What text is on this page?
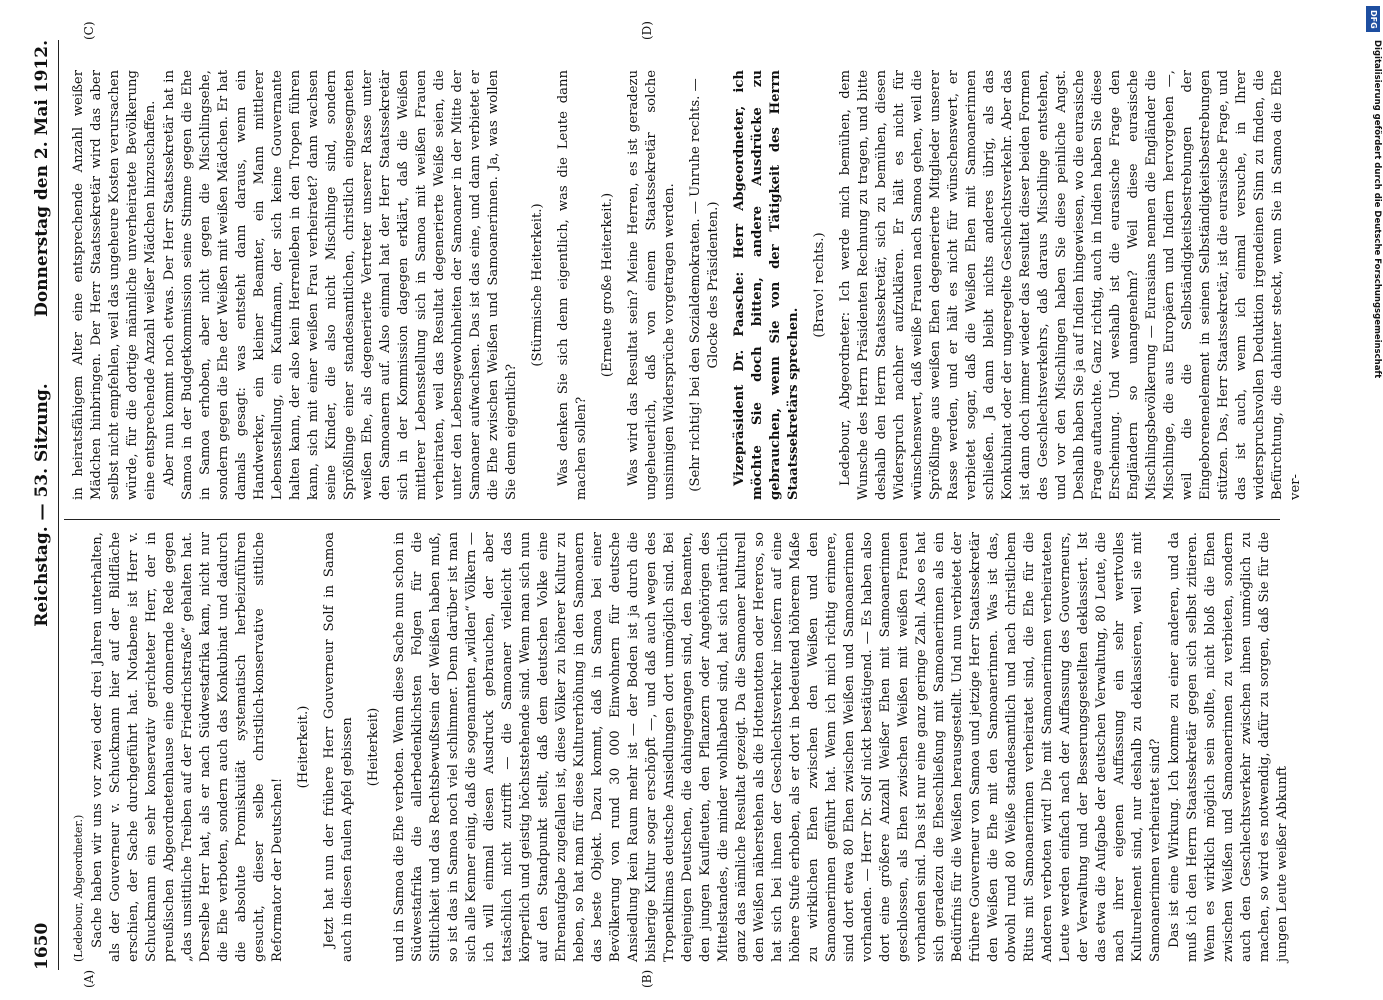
1650
Reichstag. — 53. Sitzung.
Donnerstag den 2. Mai 1912.
(A)	(B)
(C)	(D)

(Ledebour, Abgeordneter.) Sache haben wir uns vor zwei oder drei Jahren unterhalten, als der Gouverneur v. Schuckmann hier auf der Bildfläche erschien, der Sache durchgeführt hat. Notabene ist Herr v. Schuckmann ein sehr konservativ gerichteter Herr, der in preußischen Abgeordnetenhause eine donnernde Rede gegen „das unsittliche Treiben auf der Friedrichstraße“ gehalten hat. Derselbe Herr hat, als er nach Südwestafrika kam, nicht nur die Ehe verboten, sondern auch das Konkubinat und dadurch die absolute Promiskuität systematisch herbeizuführen gesucht, dieser selbe christlich-konservative sittliche Reformator der Deutschen!

(Heiterkeit.) Jetzt hat nun der frühere Herr Gouverneur Solf in Samoa auch in diesen faulen Apfel gebissen (Heiterkeit) und in Samoa die Ehe verboten. Wenn diese Sache nun schon in Südwestafrika die allerbedenklichsten Folgen für die Sittlichkeit und das Rechtsbewußtsein der Weißen haben muß, so ist das in Samoa noch viel schlimmer. Denn darüber ist man sich alle Kenner einig, daß die sogenannten „wilden“ Völkern — ich will einmal diesen Ausdruck gebrauchen, der aber tatsächlich nicht zutrifft — die Samoaner vielleicht das körperlich und geistig höchststehende sind. Wenn man sich nun auf den Standpunkt stellt, daß dem deutschen Volke eine Ehrenaufgabe zugefallen ist, diese Völker zu höherer Kultur zu heben, so hat man für diese Kulturerhöhung in den Samoanern das beste Objekt. Dazu kommt, daß in Samoa bei einer Bevölkerung von rund 30 000 Einwohnern für deutsche Ansiedlung kein Raum mehr ist — der Boden ist ja durch die bisherige Kultur sogar erschöpft —, und daß auch wegen des Tropenklimas deutsche Ansiedlungen dort unmöglich sind. Bei denjenigen Deutschen, die dahingegangen sind, den Beamten, den jungen Kaufleuten, den Pflanzern oder Angehörigen des Mittelstandes, die minder wohlhabend sind, hat sich natürlich ganz das nämliche Resultat gezeigt. Da die Samoaner kulturell den Weißen näherstehen als die Hottentotten oder Hereros, so hat sich bei ihnen der Geschlechtsverkehr insofern auf eine höhere Stufe erhoben, als er dort in bedeutend höherem Maße zu wirklichen Ehen zwischen den Weißen und den Samoanerinnen geführt hat. Wenn ich mich richtig erinnere, sind dort etwa 80 Ehen zwischen Weißen und Samoanerinnen vorhanden. — Herr Dr. Solf nickt bestätigend. — Es haben also dort eine größere Anzahl Weißer Ehen mit Samoanerinnen geschlossen, als Ehen zwischen Weißen mit weißen Frauen vorhanden sind. Das ist nur eine ganz geringe Zahl. Also es hat sich geradezu die Eheschließung mit Samoanerinnen als ein Bedürfnis für die Weißen herausgestellt. Und nun verbietet der frühere Gouverneur von Samoa und jetzige Herr Staatssekretär den Weißen die Ehe mit den Samoanerinnen. Was ist das, obwohl rund 80 Weiße standesamtlich und nach christlichem Ritus mit Samoanerinnen verheiratet sind, die Ehe für die Anderen verboten wird! Die mit Samoanerinnen verheirateten Leute werden einfach nach der Auffassung des Gouverneurs, der Verwaltung und der Besserungsgestellten deklassiert. Ist das etwa die Aufgabe der deutschen Verwaltung, 80 Leute, die nach ihrer eigenen Auffassung ein sehr wertvolles Kulturelement sind, nur deshalb zu deklassieren, weil sie mit Samoanerinnen verheiratet sind? Das ist eine Wirkung. Ich komme zu einer anderen, und da muß ich den Herrn Staatssekretär gegen sich selbst zitieren. Wenn es wirklich möglich sein sollte, nicht bloß die Ehen zwischen Weißen und Samoanerinnen zu verbieten, sondern auch den Geschlechtsverkehr zwischen ihnen unmöglich zu machen, so wird es notwendig, dafür zu sorgen, daß Sie für die jungen Leute weißer Abkunft

in heiratsfähigem Alter eine entsprechende Anzahl weißer Mädchen hinbringen. Der Herr Staatssekretär wird das aber selbst nicht empfehlen, weil das ungeheure Kosten verursachen würde, für die dortige männliche unverheiratete Bevölkerung eine entsprechende Anzahl weißer Mädchen hinzuschaffen. Aber nun kommt noch etwas. Der Herr Staatssekretär hat in Samoa in der Budgetkommission seine Stimme gegen die Ehe in Samoa erhoben, aber nicht gegen die Mischlingsehe, sondern gegen die Ehe der Weißen mit weißen Mädchen. Er hat damals gesagt: was entsteht dann daraus, wenn ein Handwerker, ein kleiner Beamter, ein Mann mittlerer Lebensstellung, ein Kaufmann, der sich keine Gouvernante halten kann, der also kein Herrenleben in den Tropen führen kann, sich mit einer weißen Frau verheiratet? dann wachsen seine Kinder, die also nicht Mischlinge sind, sondern Sprößlinge einer standesamtlichen, christlich eingesegneten weißen Ehe, als degenerierte Vertreter unserer Rasse unter den Samoanern auf. Also einmal hat der Herr Staatssekretär sich in der Kommission dagegen erklärt, daß die Weißen mittlerer Lebensstellung sich in Samoa mit weißen Frauen verheiraten, weil das Resultat degenerierte Weiße seien, die unter den Lebensgewohnheiten der Samoaner in der Mitte der Samoaner aufwachsen. Das ist das eine, und dann verbietet er die Ehe zwischen Weißen und Samoanerinnen. Ja, was wollen Sie denn eigentlich?

(Stürmische Heiterkeit.) Was denken Sie sich denn eigentlich, was die Leute dann machen sollen?

(Erneute große Heiterkeit.) Was wird das Resultat sein? Meine Herren, es ist geradezu ungeheuerlich, daß von einem Staatssekretär solche unsinnigen Widersprüche vorgetragen werden. (Sehr richtig! bei den Sozialdemokraten. — Unruhe rechts. — Glocke des Präsidenten.) Vizepräsident Dr. Paasche: Herr Abgeordneter, ich möchte Sie doch bitten, andere Ausdrücke zu gebrauchen, wenn Sie von der Tätigkeit des Herrn Staatssekretärs sprechen.

(Bravo! rechts.) Ledebour, Abgeordneter: Ich werde mich bemühen, dem Wunsche des Herrn Präsidenten Rechnung zu tragen, und bitte deshalb den Herrn Staatssekretär, sich zu bemühen, diesen Widerspruch nachher aufzuklären. Er hält es nicht für wünschenswert, daß weiße Frauen nach Samoa gehen, weil die Sprößlinge aus weißen Ehen degenerierte Mitglieder unserer Rasse werden, und er hält es nicht für wünschenswert, er verbietet sogar, daß die Weißen Ehen mit Samoanerinnen schließen. Ja dann bleibt nichts anderes übrig, als das Konkubinat oder der ungeregelte Geschlechtsverkehr. Aber das ist dann doch immer wieder das Resultat dieser beiden Formen des Geschlechtsverkehrs, daß daraus Mischlinge entstehen, und vor den Mischlingen haben Sie diese peinliche Angst. Deshalb haben Sie ja auf Indien hingewiesen, wo die eurasische Frage auftauchte. Ganz richtig, auch in Indien haben Sie diese Erscheinung. Und weshalb ist die eurasische Frage den Engländern so unangenehm? Weil diese eurasische Mischlingsbevölkerung — Eurasians nennen die Engländer die Mischlinge, die aus Europäern und Indiern hervorgehen —, weil die die Selbständigkeitsbestrebungen der Eingeborenenelement in seinen Selbständigkeitsbestrebungen stützen. Das, Herr Staatssekretär, ist die eurasische Frage, und das ist auch, wenn ich einmal versuche, in Ihrer widerspruchsvollen Deduktion irgendeinen Sinn zu finden, die Befürchtung, die dahinter steckt, wenn Sie in Samoa die Ehe ver-

DFG
Digitalisierung gefördert durch die Deutsche Forschungsgemeinschaft
